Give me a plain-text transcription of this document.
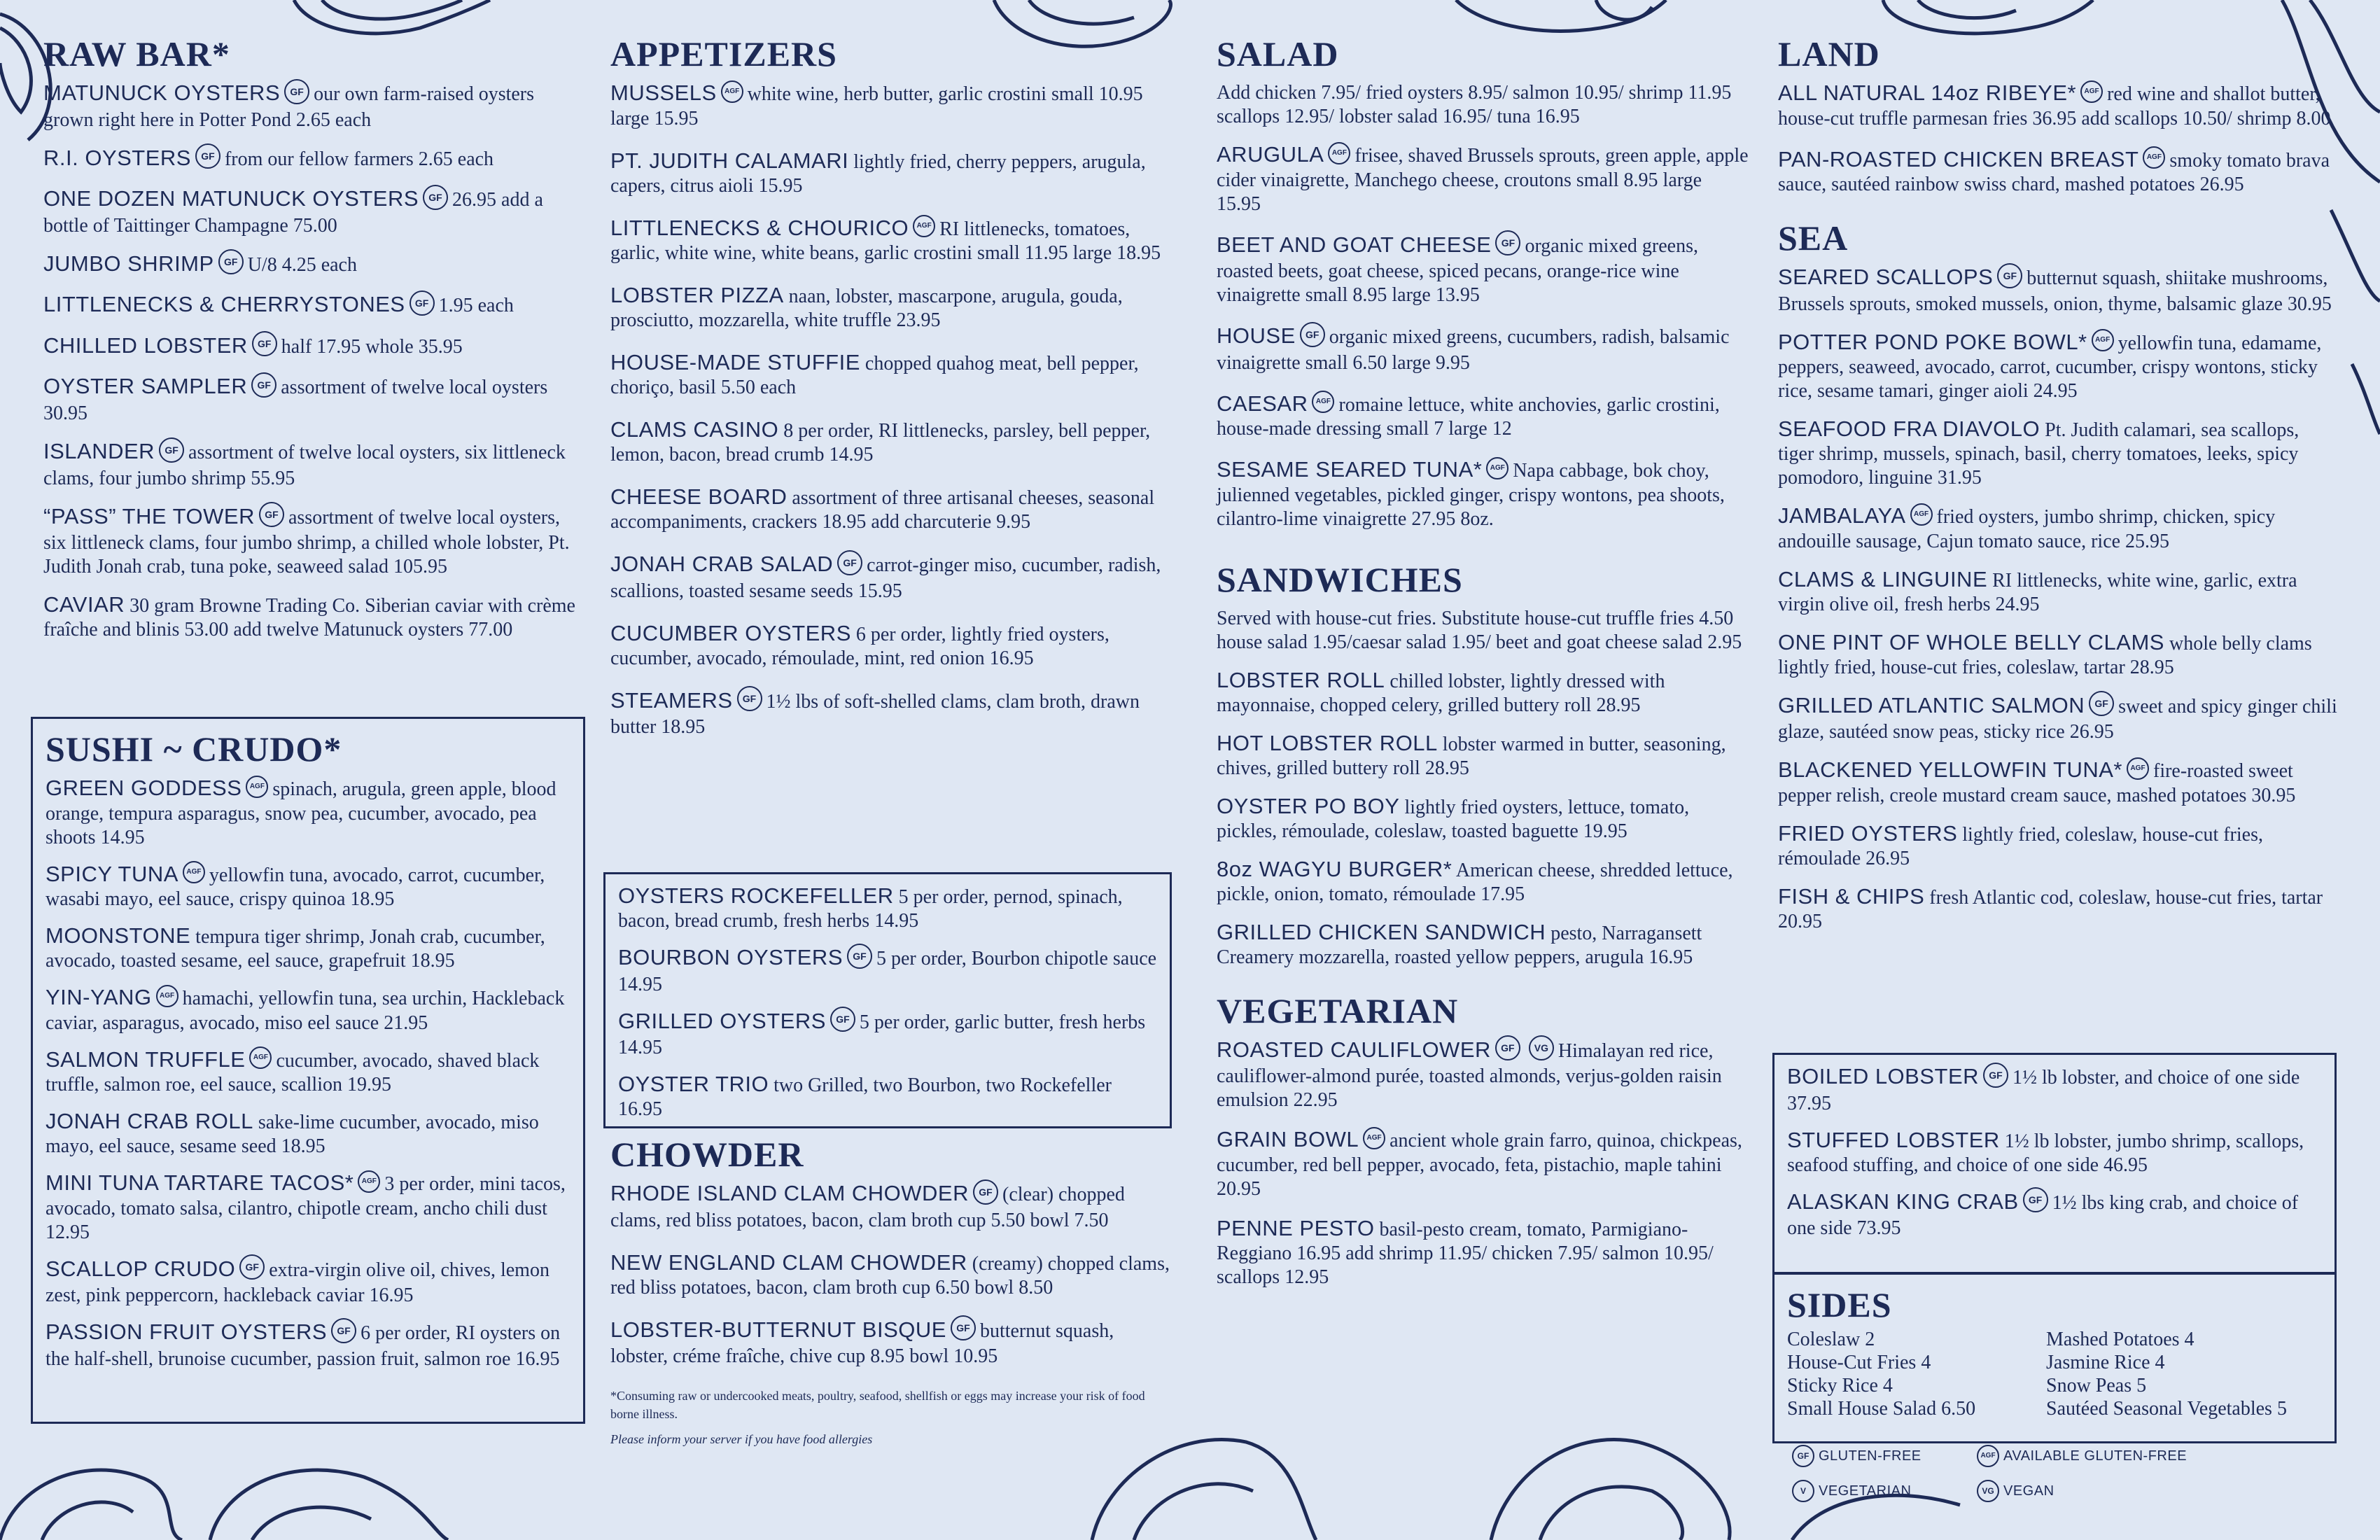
RAW BAR*
MATUNUCK OYSTERS GF our own farm-raised oysters grown right here in Potter Pond 2.65 each
R.I. OYSTERS GF from our fellow farmers 2.65 each
ONE DOZEN MATUNUCK OYSTERS GF 26.95 add a bottle of Taittinger Champagne 75.00
JUMBO SHRIMP GF U/8 4.25 each
LITTLENECKS & CHERRYSTONES GF 1.95 each
CHILLED LOBSTER GF half 17.95 whole 35.95
OYSTER SAMPLER GF assortment of twelve local oysters 30.95
ISLANDER GF assortment of twelve local oysters, six littleneck clams, four jumbo shrimp 55.95
“PASS” THE TOWER GF assortment of twelve local oysters, six littleneck clams, four jumbo shrimp, a chilled whole lobster, Pt. Judith Jonah crab, tuna poke, seaweed salad 105.95
CAVIAR 30 gram Browne Trading Co. Siberian caviar with crème fraîche and blinis 53.00 add twelve Matunuck oysters 77.00
SUSHI ~ CRUDO*
GREEN GODDESS AGF spinach, arugula, green apple, blood orange, tempura asparagus, snow pea, cucumber, avocado, pea shoots 14.95
SPICY TUNA AGF yellowfin tuna, avocado, carrot, cucumber, wasabi mayo, eel sauce, crispy quinoa 18.95
MOONSTONE tempura tiger shrimp, Jonah crab, cucumber, avocado, toasted sesame, eel sauce, grapefruit 18.95
YIN-YANG AGF hamachi, yellowfin tuna, sea urchin, Hackleback caviar, asparagus, avocado, miso eel sauce 21.95
SALMON TRUFFLE AGF cucumber, avocado, shaved black truffle, salmon roe, eel sauce, scallion 19.95
JONAH CRAB ROLL sake-lime cucumber, avocado, miso mayo, eel sauce, sesame seed 18.95
MINI TUNA TARTARE TACOS* AGF 3 per order, mini tacos, avocado, tomato salsa, cilantro, chipotle cream, ancho chili dust 12.95
SCALLOP CRUDO GF extra-virgin olive oil, chives, lemon zest, pink peppercorn, hackleback caviar 16.95
PASSION FRUIT OYSTERS GF 6 per order, RI oysters on the half-shell, brunoise cucumber, passion fruit, salmon roe 16.95
APPETIZERS
MUSSELS AGF white wine, herb butter, garlic crostini small 10.95 large 15.95
PT. JUDITH CALAMARI lightly fried, cherry peppers, arugula, capers, citrus aioli 15.95
LITTLENECKS & CHOURICO AGF RI littlenecks, tomatoes, garlic, white wine, white beans, garlic crostini small 11.95 large 18.95
LOBSTER PIZZA naan, lobster, mascarpone, arugula, gouda, prosciutto, mozzarella, white truffle 23.95
HOUSE-MADE STUFFIE chopped quahog meat, bell pepper, choriço, basil 5.50 each
CLAMS CASINO 8 per order, RI littlenecks, parsley, bell pepper, lemon, bacon, bread crumb 14.95
CHEESE BOARD assortment of three artisanal cheeses, seasonal accompaniments, crackers 18.95 add charcuterie 9.95
JONAH CRAB SALAD GF carrot-ginger miso, cucumber, radish, scallions, toasted sesame seeds 15.95
CUCUMBER OYSTERS 6 per order, lightly fried oysters, cucumber, avocado, rémoulade, mint, red onion 16.95
STEAMERS GF 1½ lbs of soft-shelled clams, clam broth, drawn butter 18.95
OYSTERS ROCKEFELLER 5 per order, pernod, spinach, bacon, bread crumb, fresh herbs 14.95
BOURBON OYSTERS GF 5 per order, Bourbon chipotle sauce 14.95
GRILLED OYSTERS GF 5 per order, garlic butter, fresh herbs 14.95
OYSTER TRIO two Grilled, two Bourbon, two Rockefeller 16.95
CHOWDER
RHODE ISLAND CLAM CHOWDER GF (clear) chopped clams, red bliss potatoes, bacon, clam broth cup 5.50 bowl 7.50
NEW ENGLAND CLAM CHOWDER (creamy) chopped clams, red bliss potatoes, bacon, clam broth cup 6.50 bowl 8.50
LOBSTER-BUTTERNUT BISQUE GF butternut squash, lobster, créme fraîche, chive cup 8.95 bowl 10.95
*Consuming raw or undercooked meats, poultry, seafood, shellfish or eggs may increase your risk of food borne illness.
Please inform your server if you have food allergies
SALAD
Add chicken 7.95/ fried oysters 8.95/ salmon 10.95/ shrimp 11.95 scallops 12.95/ lobster salad 16.95/ tuna 16.95
ARUGULA AGF frisee, shaved Brussels sprouts, green apple, apple cider vinaigrette, Manchego cheese, croutons small 8.95 large 15.95
BEET AND GOAT CHEESE GF organic mixed greens, roasted beets, goat cheese, spiced pecans, orange-rice wine vinaigrette small 8.95 large 13.95
HOUSE GF organic mixed greens, cucumbers, radish, balsamic vinaigrette small 6.50 large 9.95
CAESAR AGF romaine lettuce, white anchovies, garlic crostini, house-made dressing small 7 large 12
SESAME SEARED TUNA* AGF Napa cabbage, bok choy, julienned vegetables, pickled ginger, crispy wontons, pea shoots, cilantro-lime vinaigrette 27.95 8oz.
SANDWICHES
Served with house-cut fries. Substitute house-cut truffle fries 4.50 house salad 1.95/caesar salad 1.95/ beet and goat cheese salad 2.95
LOBSTER ROLL chilled lobster, lightly dressed with mayonnaise, chopped celery, grilled buttery roll 28.95
HOT LOBSTER ROLL lobster warmed in butter, seasoning, chives, grilled buttery roll 28.95
OYSTER PO BOY lightly fried oysters, lettuce, tomato, pickles, rémoulade, coleslaw, toasted baguette 19.95
8oz WAGYU BURGER* American cheese, shredded lettuce, pickle, onion, tomato, rémoulade 17.95
GRILLED CHICKEN SANDWICH pesto, Narragansett Creamery mozzarella, roasted yellow peppers, arugula 16.95
VEGETARIAN
ROASTED CAULIFLOWER GF VG Himalayan red rice, cauliflower-almond purée, toasted almonds, verjus-golden raisin emulsion 22.95
GRAIN BOWL AGF ancient whole grain farro, quinoa, chickpeas, cucumber, red bell pepper, avocado, feta, pistachio, maple tahini 20.95
PENNE PESTO basil-pesto cream, tomato, Parmigiano-Reggiano 16.95 add shrimp 11.95/ chicken 7.95/ salmon 10.95/ scallops 12.95
LAND
ALL NATURAL 14oz RIBEYE* AGF red wine and shallot butter, house-cut truffle parmesan fries 36.95 add scallops 10.50/ shrimp 8.00
PAN-ROASTED CHICKEN BREAST AGF smoky tomato brava sauce, sautéed rainbow swiss chard, mashed potatoes 26.95
SEA
SEARED SCALLOPS GF butternut squash, shiitake mushrooms, Brussels sprouts, smoked mussels, onion, thyme, balsamic glaze 30.95
POTTER POND POKE BOWL* AGF yellowfin tuna, edamame, peppers, seaweed, avocado, carrot, cucumber, crispy wontons, sticky rice, sesame tamari, ginger aioli 24.95
SEAFOOD FRA DIAVOLO Pt. Judith calamari, sea scallops, tiger shrimp, mussels, spinach, basil, cherry tomatoes, leeks, spicy pomodoro, linguine 31.95
JAMBALAYA AGF fried oysters, jumbo shrimp, chicken, spicy andouille sausage, Cajun tomato sauce, rice 25.95
CLAMS & LINGUINE RI littlenecks, white wine, garlic, extra virgin olive oil, fresh herbs 24.95
ONE PINT OF WHOLE BELLY CLAMS whole belly clams lightly fried, house-cut fries, coleslaw, tartar 28.95
GRILLED ATLANTIC SALMON GF sweet and spicy ginger chili glaze, sautéed snow peas, sticky rice 26.95
BLACKENED YELLOWFIN TUNA* AGF fire-roasted sweet pepper relish, creole mustard cream sauce, mashed potatoes 30.95
FRIED OYSTERS lightly fried, coleslaw, house-cut fries, rémoulade 26.95
FISH & CHIPS fresh Atlantic cod, coleslaw, house-cut fries, tartar 20.95
BOILED LOBSTER GF 1½ lb lobster, and choice of one side 37.95
STUFFED LOBSTER 1½ lb lobster, jumbo shrimp, scallops, seafood stuffing, and choice of one side 46.95
ALASKAN KING CRAB GF 1½ lbs king crab, and choice of one side 73.95
SIDES
Coleslaw 2	Mashed Potatoes 4
House-Cut Fries 4	Jasmine Rice 4
Sticky Rice 4	Snow Peas 5
Small House Salad 6.50	Sautéed Seasonal Vegetables 5
GF GLUTEN-FREE	AGF AVAILABLE GLUTEN-FREE
V VEGETARIAN	VG VEGAN
